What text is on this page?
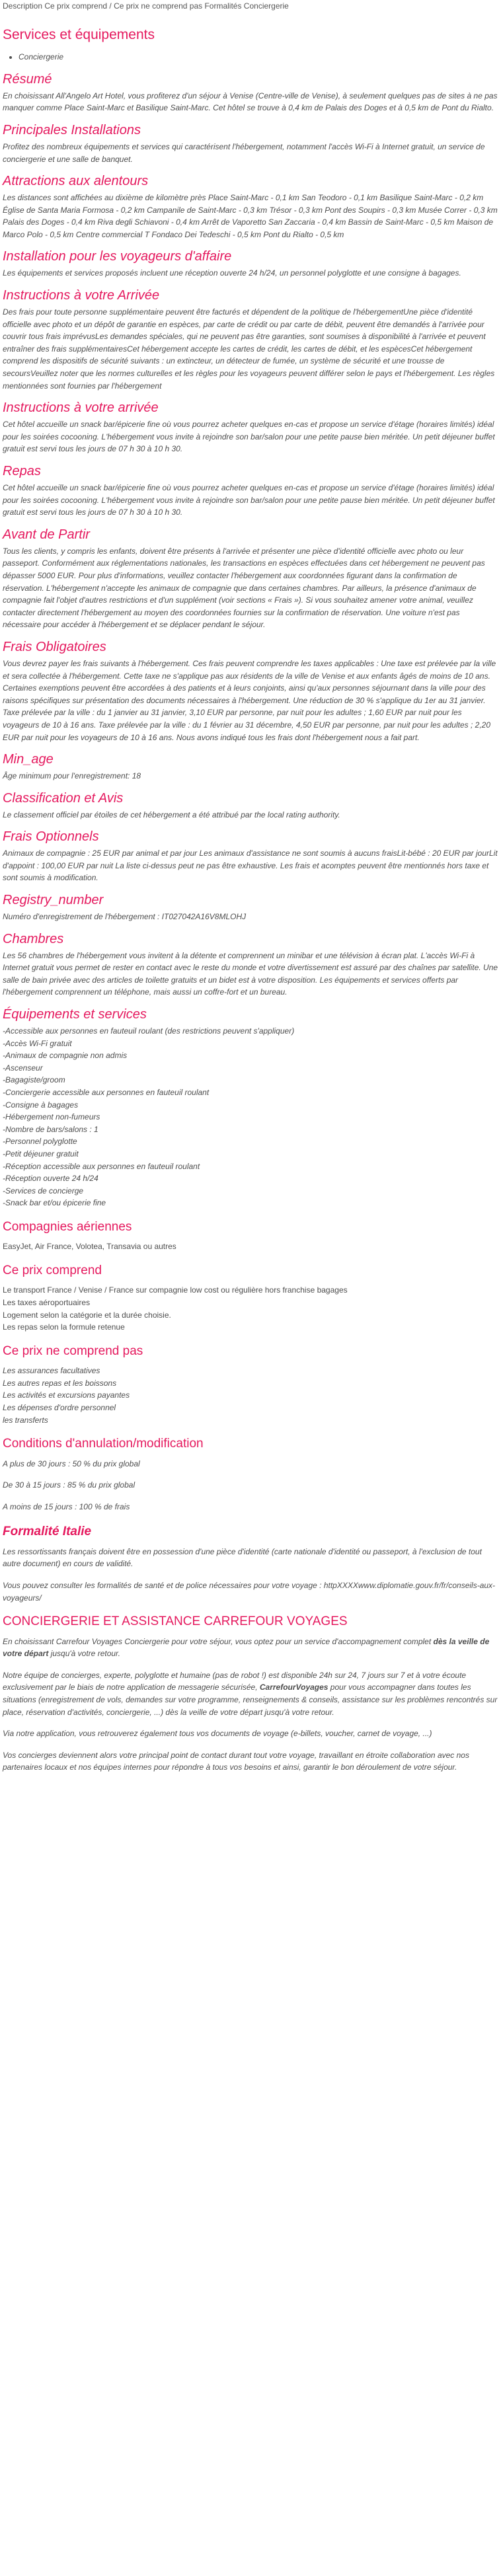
Description Ce prix comprend / Ce prix ne comprend pas Formalités Conciergerie
Services et équipements
• Conciergerie
Résumé

En choisissant All'Angelo Art Hotel, vous profiterez d'un séjour à Venise (Centre-ville de Venise), à seulement quelques pas de sites à ne pas manquer comme Place Saint-Marc et Basilique Saint-Marc. Cet hôtel se trouve à 0,4 km de Palais des Doges et à 0,5 km de Pont du Rialto.

Principales Installations

Profitez des nombreux équipements et services qui caractérisent l'hébergement, notamment l'accès Wi-Fi à Internet gratuit, un service de conciergerie et une salle de banquet.

Attractions aux alentours

Les distances sont affichées au dixième de kilomètre près Place Saint-Marc - 0,1 km San Teodoro - 0,1 km Basilique Saint-Marc - 0,2 km Église de Santa Maria Formosa - 0,2 km Campanile de Saint-Marc - 0,3 km Trésor - 0,3 km Pont des Soupirs - 0,3 km Musée Correr - 0,3 km Palais des Doges - 0,4 km Riva degli Schiavoni - 0,4 km Arrêt de Vaporetto San Zaccaria - 0,4 km Bassin de Saint-Marc - 0,5 km Maison de Marco Polo - 0,5 km Centre commercial T Fondaco Dei Tedeschi - 0,5 km Pont du Rialto - 0,5 km

Installation pour les voyageurs d'affaire

Les équipements et services proposés incluent une réception ouverte 24 h/24, un personnel polyglotte et une consigne à bagages.

Instructions à votre Arrivée

Des frais pour toute personne supplémentaire peuvent être facturés et dépendent de la politique de l'hébergementUne pièce d'identité officielle avec photo et un dépôt de garantie en espèces, par carte de crédit ou par carte de débit, peuvent être demandés à l'arrivée pour couvrir tous frais imprévusLes demandes spéciales, qui ne peuvent pas être garanties, sont soumises à disponibilité à l'arrivée et peuvent entraîner des frais supplémentairesCet hébergement accepte les cartes de crédit, les cartes de débit, et les espècesCet hébergement comprend les dispositifs de sécurité suivants : un extincteur, un détecteur de fumée, un système de sécurité et une trousse de secoursVeuillez noter que les normes culturelles et les règles pour les voyageurs peuvent différer selon le pays et l'hébergement. Les règles mentionnées sont fournies par l'hébergement

Instructions à votre arrivée

Cet hôtel accueille un snack bar/épicerie fine où vous pourrez acheter quelques en-cas et propose un service d'étage (horaires limités) idéal pour les soirées cocooning. L'hébergement vous invite à rejoindre son bar/salon pour une petite pause bien méritée. Un petit déjeuner buffet gratuit est servi tous les jours de 07 h 30 à 10 h 30.

Repas

Cet hôtel accueille un snack bar/épicerie fine où vous pourrez acheter quelques en-cas et propose un service d'étage (horaires limités) idéal pour les soirées cocooning. L'hébergement vous invite à rejoindre son bar/salon pour une petite pause bien méritée. Un petit déjeuner buffet gratuit est servi tous les jours de 07 h 30 à 10 h 30.

Avant de Partir

Tous les clients, y compris les enfants, doivent être présents à l'arrivée et présenter une pièce d'identité officielle avec photo ou leur passeport. Conformément aux réglementations nationales, les transactions en espèces effectuées dans cet hébergement ne peuvent pas dépasser 5000 EUR. Pour plus d'informations, veuillez contacter l'hébergement aux coordonnées figurant dans la confirmation de réservation. L'hébergement n'accepte les animaux de compagnie que dans certaines chambres. Par ailleurs, la présence d'animaux de compagnie fait l'objet d'autres restrictions et d'un supplément (voir sections « Frais »). Si vous souhaitez amener votre animal, veuillez contacter directement l'hébergement au moyen des coordonnées fournies sur la confirmation de réservation. Une voiture n'est pas nécessaire pour accéder à l'hébergement et se déplacer pendant le séjour.

Frais Obligatoires

Vous devrez payer les frais suivants à l'hébergement. Ces frais peuvent comprendre les taxes applicables : Une taxe est prélevée par la ville et sera collectée à l'hébergement. Cette taxe ne s'applique pas aux résidents de la ville de Venise et aux enfants âgés de moins de 10 ans. Certaines exemptions peuvent être accordées à des patients et à leurs conjoints, ainsi qu'aux personnes séjournant dans la ville pour des raisons spécifiques sur présentation des documents nécessaires à l'hébergement. Une réduction de 30 % s'applique du 1er au 31 janvier. Taxe prélevée par la ville : du 1 janvier au 31 janvier, 3,10 EUR par personne, par nuit pour les adultes ; 1,60 EUR par nuit pour les voyageurs de 10 à 16 ans. Taxe prélevée par la ville : du 1 février au 31 décembre, 4,50 EUR par personne, par nuit pour les adultes ; 2,20 EUR par nuit pour les voyageurs de 10 à 16 ans. Nous avons indiqué tous les frais dont l'hébergement nous a fait part.

Min_age

Âge minimum pour l'enregistrement: 18

Classification et Avis

Le classement officiel par étoiles de cet hébergement a été attribué par the local rating authority.

Frais Optionnels

Animaux de compagnie : 25 EUR par animal et par jour Les animaux d'assistance ne sont soumis à aucuns fraisLit-bébé : 20 EUR par jourLit d'appoint : 100,00 EUR par nuit La liste ci-dessus peut ne pas être exhaustive. Les frais et acomptes peuvent être mentionnés hors taxe et sont soumis à modification.

Registry_number

Numéro d'enregistrement de l'hébergement : IT027042A16V8MLOHJ

Chambres

Les 56 chambres de l'hébergement vous invitent à la détente et comprennent un minibar et une télévision à écran plat. L'accès Wi-Fi à Internet gratuit vous permet de rester en contact avec le reste du monde et votre divertissement est assuré par des chaînes par satellite. Une salle de bain privée avec des articles de toilette gratuits et un bidet est à votre disposition. Les équipements et services offerts par l'hébergement comprennent un téléphone, mais aussi un coffre-fort et un bureau.

Équipements et services
-Accessible aux personnes en fauteuil roulant (des restrictions peuvent s'appliquer)
-Accès Wi-Fi gratuit
-Animaux de compagnie non admis
-Ascenseur
-Bagagiste/groom
-Conciergerie accessible aux personnes en fauteuil roulant
-Consigne à bagages
-Hébergement non-fumeurs
-Nombre de bars/salons : 1
-Personnel polyglotte
-Petit déjeuner gratuit
-Réception accessible aux personnes en fauteuil roulant
-Réception ouverte 24 h/24
-Services de concierge
-Snack bar et/ou épicerie fine
Compagnies aériennes

EasyJet, Air France, Volotea, Transavia ou autres

Ce prix comprend
Le transport France / Venise / France sur compagnie low cost ou régulière hors franchise bagages
Les taxes aéroportuaires
Logement selon la catégorie et la durée choisie.
Les repas selon la formule retenue
Ce prix ne comprend pas
Les assurances facultatives
Les autres repas et les boissons
Les activités et excursions payantes
Les dépenses d'ordre personnel
les transferts
Conditions d'annulation/modification

A plus de 30 jours : 50 % du prix global

De 30 à 15 jours : 85 % du prix global

A moins de 15 jours : 100 % de frais

Formalité Italie

Les ressortissants français doivent être en possession d'une pièce d'identité (carte nationale d'identité ou passeport, à l'exclusion de tout autre document) en cours de validité.

Vous pouvez consulter les formalités de santé et de police nécessaires pour votre voyage : httpXXXXwww.diplomatie.gouv.fr/fr/conseils-aux-voyageurs/

CONCIERGERIE ET ASSISTANCE CARREFOUR VOYAGES

En choisissant Carrefour Voyages Conciergerie pour votre séjour, vous optez pour un service d'accompagnement complet dès la veille de votre départ jusqu'à votre retour.

Notre équipe de concierges, experte, polyglotte et humaine (pas de robot !) est disponible 24h sur 24, 7 jours sur 7 et à votre écoute exclusivement par le biais de notre application de messagerie sécurisée, CarrefourVoyages pour vous accompagner dans toutes les situations (enregistrement de vols, demandes sur votre programme, renseignements & conseils, assistance sur les problèmes rencontrés sur place, réservation d'activités, conciergerie, ...) dès la veille de votre départ jusqu'à votre retour.

Via notre application, vous retrouverez également tous vos documents de voyage (e-billets, voucher, carnet de voyage, ...)

Vos concierges deviennent alors votre principal point de contact durant tout votre voyage, travaillant en étroite collaboration avec nos partenaires locaux et nos équipes internes pour répondre à tous vos besoins et ainsi, garantir le bon déroulement de votre séjour.
